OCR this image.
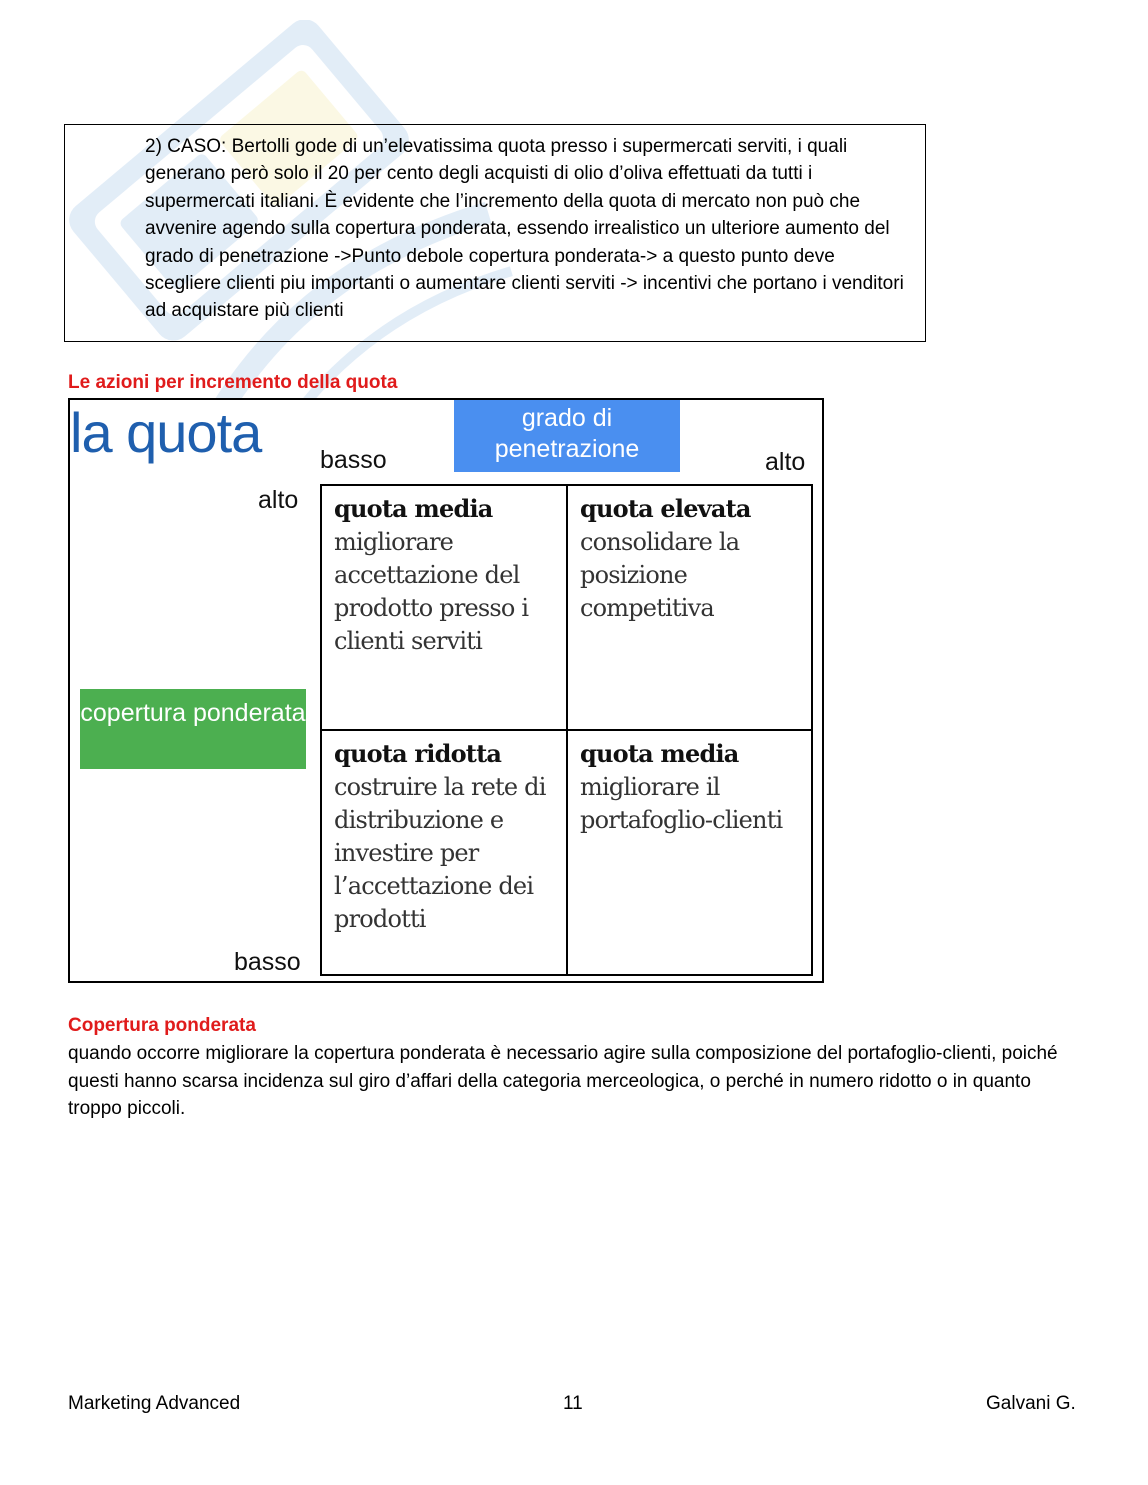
2) CASO: Bertolli gode di un’elevatissima quota presso i supermercati serviti, i quali generano però solo il 20 per cento degli acquisti di olio d’oliva effettuati da tutti i supermercati italiani. È evidente che l’incremento della quota di mercato non può che avvenire agendo sulla copertura ponderata, essendo irrealistico un ulteriore aumento del grado di penetrazione ->Punto debole copertura ponderata-> a questo punto deve scegliere clienti piu importanti o aumentare clienti serviti -> incentivi che portano i venditori ad acquistare più clienti
Le azioni per incremento della quota
la quota	grado di penetrazione
basso	alto
alto
copertura ponderata
basso
quota media
migliorare accettazione del prodotto presso i clienti serviti
quota elevata
consolidare la posizione competitiva
quota ridotta
costruire la rete di distribuzione e investire per l’accettazione dei prodotti
quota media
migliorare il portafoglio-clienti
Copertura ponderata
quando occorre migliorare la copertura ponderata è necessario agire sulla composizione del portafoglio-clienti, poiché questi hanno scarsa incidenza sul giro d’affari della categoria merceologica, o perché in numero ridotto o in quanto troppo piccoli.
Marketing Advanced	11	Galvani G.
